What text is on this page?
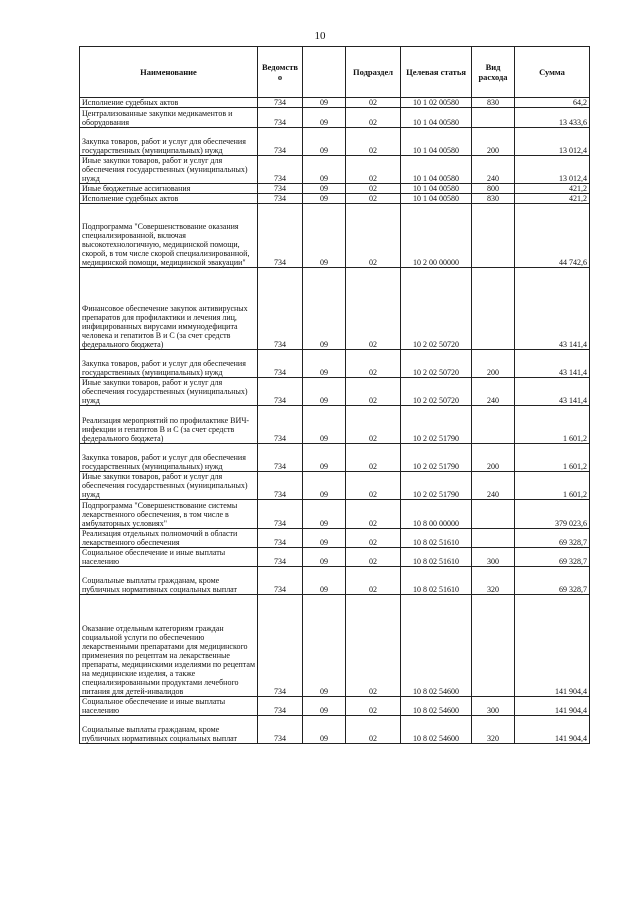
10
Наименование	Ведомств о		Подраздел	Целевая статья	Вид расхода	Сумма
Исполнение судебных актов	734	09	02	10 1 02 00580	830	64,2
Централизованные закупки медикаментов и оборудования	734	09	02	10 1 04 00580		13 433,6
Закупка товаров, работ и услуг для обеспечения государственных (муниципальных) нужд	734	09	02	10 1 04 00580	200	13 012,4
Иные закупки товаров, работ и услуг для обеспечения государственных (муниципальных) нужд	734	09	02	10 1 04 00580	240	13 012,4
Иные бюджетные ассигнования	734	09	02	10 1 04 00580	800	421,2
Исполнение судебных актов	734	09	02	10 1 04 00580	830	421,2
Подпрограмма "Совершенствование оказания специализированной, включая высокотехнологичную, медицинской помощи, скорой, в том числе скорой специализированной, медицинской помощи, медицинской эвакуации"	734	09	02	10 2 00 00000		44 742,6
Финансовое обеспечение закупок антивирусных препаратов для профилактики и лечения лиц, инфицированных вирусами иммунодефицита человека и гепатитов В и С (за счет средств федерального бюджета)	734	09	02	10 2 02 50720		43 141,4
Закупка товаров, работ и услуг для обеспечения государственных (муниципальных) нужд	734	09	02	10 2 02 50720	200	43 141,4
Иные закупки товаров, работ и услуг для обеспечения государственных (муниципальных) нужд	734	09	02	10 2 02 50720	240	43 141,4
Реализация мероприятий по профилактике ВИЧ-инфекции и гепатитов В и С (за счет средств федерального бюджета)	734	09	02	10 2 02 51790		1 601,2
Закупка товаров, работ и услуг для обеспечения государственных (муниципальных) нужд	734	09	02	10 2 02 51790	200	1 601,2
Иные закупки товаров, работ и услуг для обеспечения государственных (муниципальных) нужд	734	09	02	10 2 02 51790	240	1 601,2
Подпрограмма "Совершенствование системы лекарственного обеспечения, в том числе в амбулаторных условиях"	734	09	02	10 8 00 00000		379 023,6
Реализация отдельных полномочий в области лекарственного обеспечения	734	09	02	10 8 02 51610		69 328,7
Социальное обеспечение и иные выплаты населению	734	09	02	10 8 02 51610	300	69 328,7
Социальные выплаты гражданам, кроме публичных нормативных социальных выплат	734	09	02	10 8 02 51610	320	69 328,7
Оказание отдельным категориям граждан социальной услуги по обеспечению лекарственными препаратами для медицинского применения по рецептам на лекарственные препараты, медицинскими изделиями по рецептам на медицинские изделия, а также специализированными продуктами лечебного питания для детей-инвалидов	734	09	02	10 8 02 54600		141 904,4
Социальное обеспечение и иные выплаты населению	734	09	02	10 8 02 54600	300	141 904,4
Социальные выплаты гражданам, кроме публичных нормативных социальных выплат	734	09	02	10 8 02 54600	320	141 904,4
